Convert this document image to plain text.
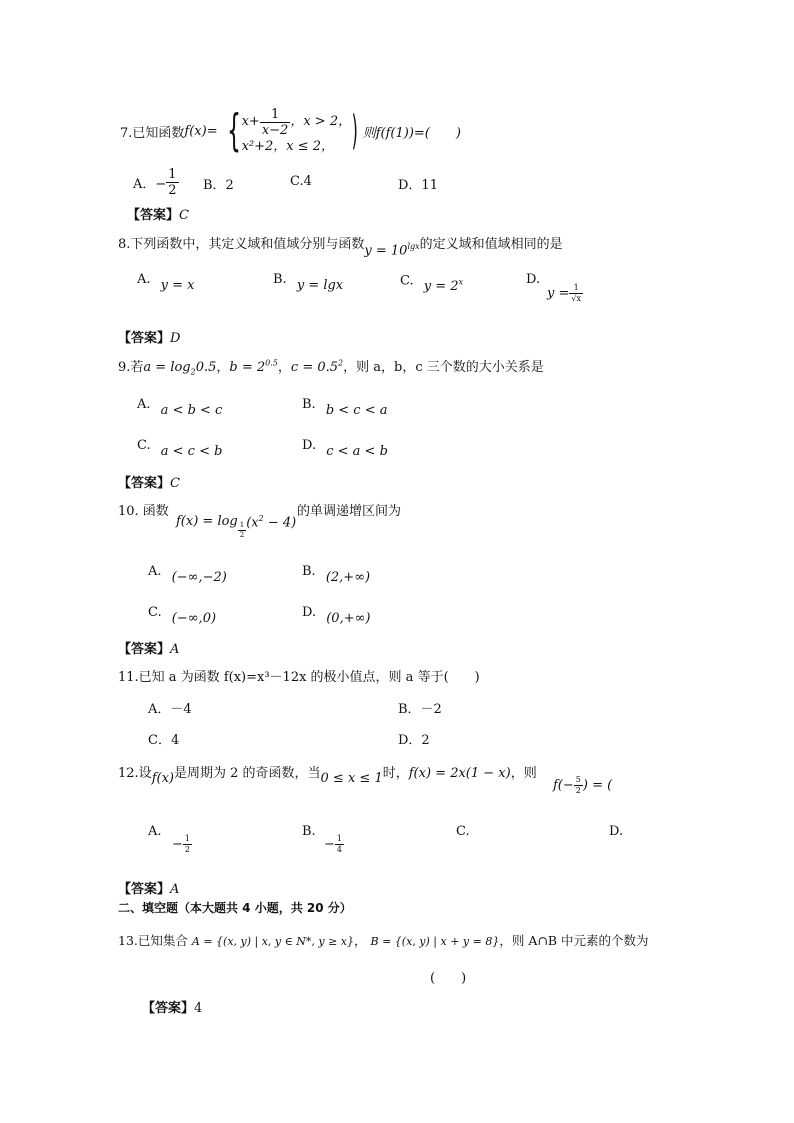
7.已知函数 f(x)= { $x+ \frac{1}{x-2}$ ，x > 2，
x²+2，x ≤ 2， ) 则f(f(1))=(　　)
A．− $\frac{1}{2}$ B．2	C.4	D．11
【答案】C
8.下列函数中，其定义域和值域分别与函数 $y = 10^{lgx}$ 的定义域和值域相同的是
A. y = x	B. y = lgx	C. $y = 2^x$	D.
$y = \frac{1}{√x}$
【答案】D
9.若$a = \log_20.5$，$b = 2^{0.5}$，$c = 0.5^2$，则 a，b，c 三个数的大小关系是
A. a < b < c	B. b < c < a
C. a < c < b	D. c < a < b
【答案】C
10. 函数
f(x) = log
$\frac{1}{2} (x^2 - 4)$
的单调递增区间为
A. (−∞,−2)	B. (2,+∞)
C. (−∞,0)	D. (0,+∞)
【答案】A
11.已知 a 为函数 f(x)=x³－12x 的极小值点，则 a 等于(　　)
A．－4	B．－2
C．4	D．2
12.设 f(x) 是周期为 2 的奇函数，当 0 ≤ x ≤ 1 时， f(x) = 2x(1 − x) ，则
$f(- \frac{5}{2}$ ) = (
A.
− $\frac{1}{2}$
B.
− $\frac{1}{4}$
C.	D.
【答案】A
二、填空题（本大题共 4 小题，共 20 分）
13.已知集合 A = {(x, y) | x, y ∈ N*, y ≥ x}， B = {(x, y) | x + y = 8}，则 A∩B 中元素的个数为
(　　)
【答案】4
